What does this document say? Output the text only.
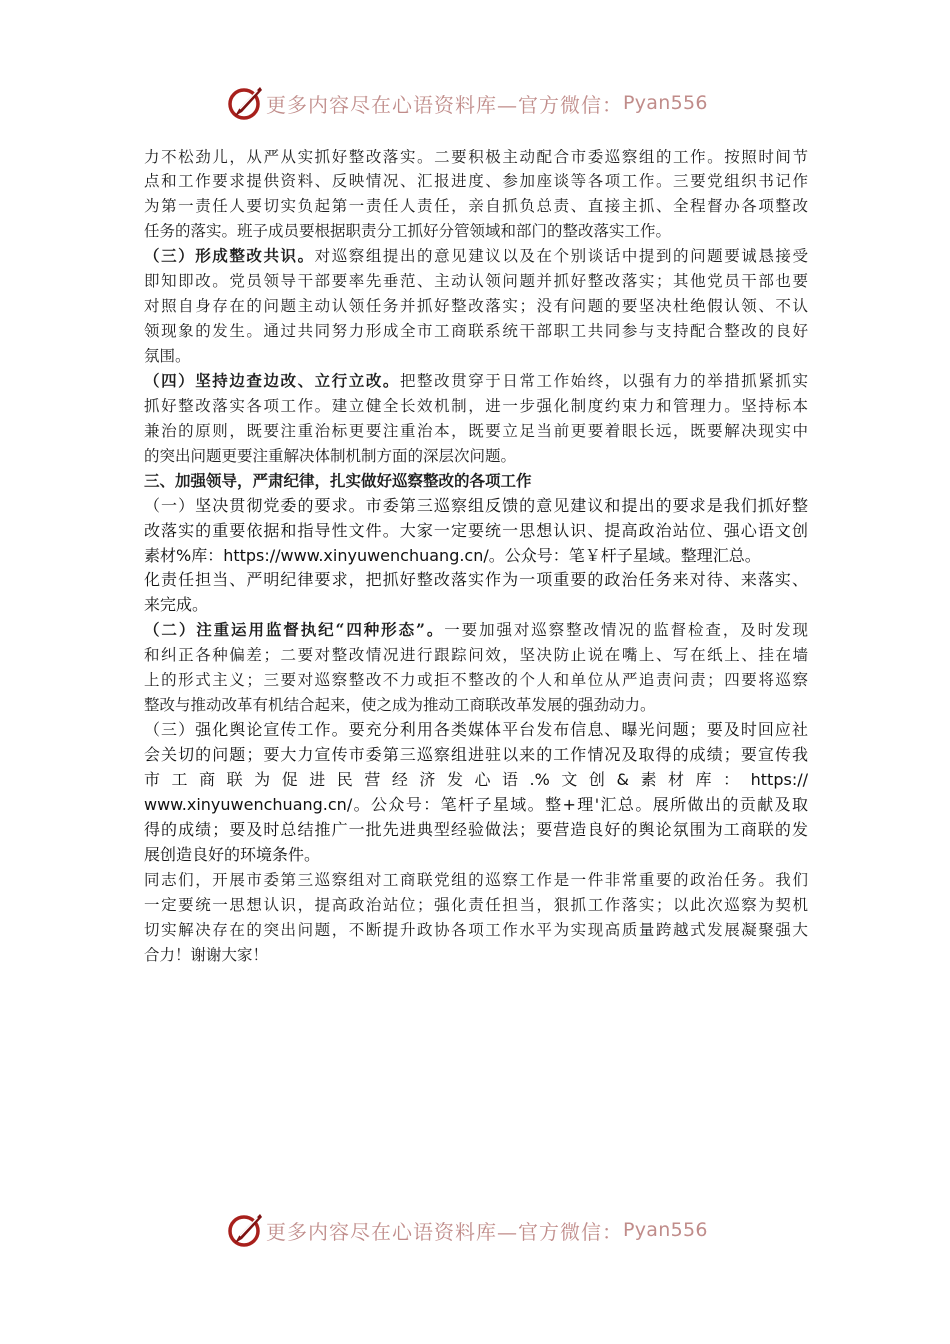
更多内容尽在心语资料库—官方微信： Pyan556
力不松劲儿，从严从实抓好整改落实。二要积极主动配合市委巡察组的工作。按照时间节
点和工作要求提供资料、反映情况、汇报进度、参加座谈等各项工作。三要党组织书记作
为第一责任人要切实负起第一责任人责任，亲自抓负总责、直接主抓、全程督办各项整改
任务的落实。班子成员要根据职责分工抓好分管领域和部门的整改落实工作。
（三）形成整改共识。对巡察组提出的意见建议以及在个别谈话中提到的问题要诚恳接受
即知即改。党员领导干部要率先垂范、主动认领问题并抓好整改落实；其他党员干部也要
对照自身存在的问题主动认领任务并抓好整改落实；没有问题的要坚决杜绝假认领、不认
领现象的发生。通过共同努力形成全市工商联系统干部职工共同参与支持配合整改的良好
氛围。
（四）坚持边查边改、立行立改。把整改贯穿于日常工作始终，以强有力的举措抓紧抓实
抓好整改落实各项工作。建立健全长效机制，进一步强化制度约束力和管理力。坚持标本
兼治的原则，既要注重治标更要注重治本，既要立足当前更要着眼长远，既要解决现实中
的突出问题更要注重解决体制机制方面的深层次问题。
三、加强领导，严肃纪律，扎实做好巡察整改的各项工作
（一）坚决贯彻党委的要求。市委第三巡察组反馈的意见建议和提出的要求是我们抓好整
改落实的重要依据和指导性文件。大家一定要统一思想认识、提高政治站位、强心语文创
素材%库：https://www.xinyuwenchuang.cn/。公众号：笔￥杆子星域。整理汇总。
化责任担当、严明纪律要求，把抓好整改落实作为一项重要的政治任务来对待、来落实、
来完成。
（二）注重运用监督执纪“四种形态”。一要加强对巡察整改情况的监督检查，及时发现
和纠正各种偏差；二要对整改情况进行跟踪问效，坚决防止说在嘴上、写在纸上、挂在墙
上的形式主义；三要对巡察整改不力或拒不整改的个人和单位从严追责问责；四要将巡察
整改与推动改革有机结合起来，使之成为推动工商联改革发展的强劲动力。
（三）强化舆论宣传工作。要充分利用各类媒体平台发布信息、曝光问题；要及时回应社
会关切的问题；要大力宣传市委第三巡察组进驻以来的工作情况及取得的成绩；要宣传我
市工商联为促进民营经济发心语.%文创&素材库：https://
www.xinyuwenchuang.cn/。公众号：笔杆子星域。整+理'汇总。展所做出的贡献及取
得的成绩；要及时总结推广一批先进典型经验做法；要营造良好的舆论氛围为工商联的发
展创造良好的环境条件。
同志们，开展市委第三巡察组对工商联党组的巡察工作是一件非常重要的政治任务。我们
一定要统一思想认识，提高政治站位；强化责任担当，狠抓工作落实；以此次巡察为契机
切实解决存在的突出问题，不断提升政协各项工作水平为实现高质量跨越式发展凝聚强大
合力！谢谢大家！
更多内容尽在心语资料库—官方微信： Pyan556
